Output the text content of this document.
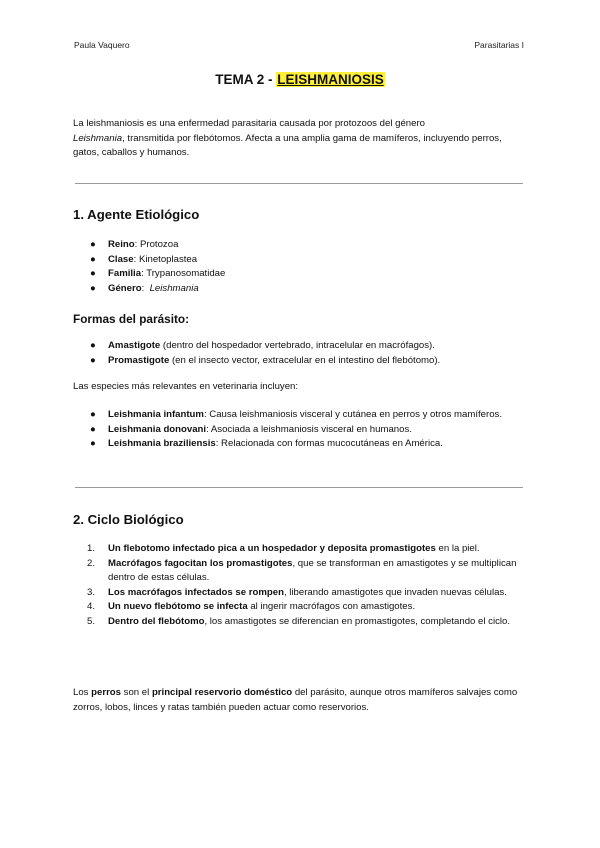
Paula Vaquero	Parasitarias I
TEMA 2 - LEISHMANIOSIS

La leishmaniosis es una enfermedad parasitaria causada por protozoos del género
Leishmania, transmitida por flebótomos. Afecta a una amplia gama de mamíferos, incluyendo perros, gatos, caballos y humanos.

1. Agente Etiológico
● Reino: Protozoa
● Clase: Kinetoplastea
● Familia: Trypanosomatidae
● Género:  Leishmania
Formas del parásito:
● Amastigote (dentro del hospedador vertebrado, intracelular en macrófagos).
● Promastigote (en el insecto vector, extracelular en el intestino del flebótomo).

Las especies más relevantes en veterinaria incluyen:

● Leishmania infantum: Causa leishmaniosis visceral y cutánea en perros y otros mamíferos.
● Leishmania donovani: Asociada a leishmaniosis visceral en humanos.
● Leishmania braziliensis: Relacionada con formas mucocutáneas en América.
2. Ciclo Biológico
1. Un flebotomo infectado pica a un hospedador y deposita promastigotes en la piel.
2. Macrófagos fagocitan los promastigotes, que se transforman en amastigotes y se multiplican dentro de estas células.
3. Los macrófagos infectados se rompen, liberando amastigotes que invaden nuevas células.
4. Un nuevo flebótomo se infecta al ingerir macrófagos con amastigotes.
5. Dentro del flebótomo, los amastigotes se diferencian en promastigotes, completando el ciclo.

Los perros son el principal reservorio doméstico del parásito, aunque otros mamíferos salvajes como zorros, lobos, linces y ratas también pueden actuar como reservorios.
